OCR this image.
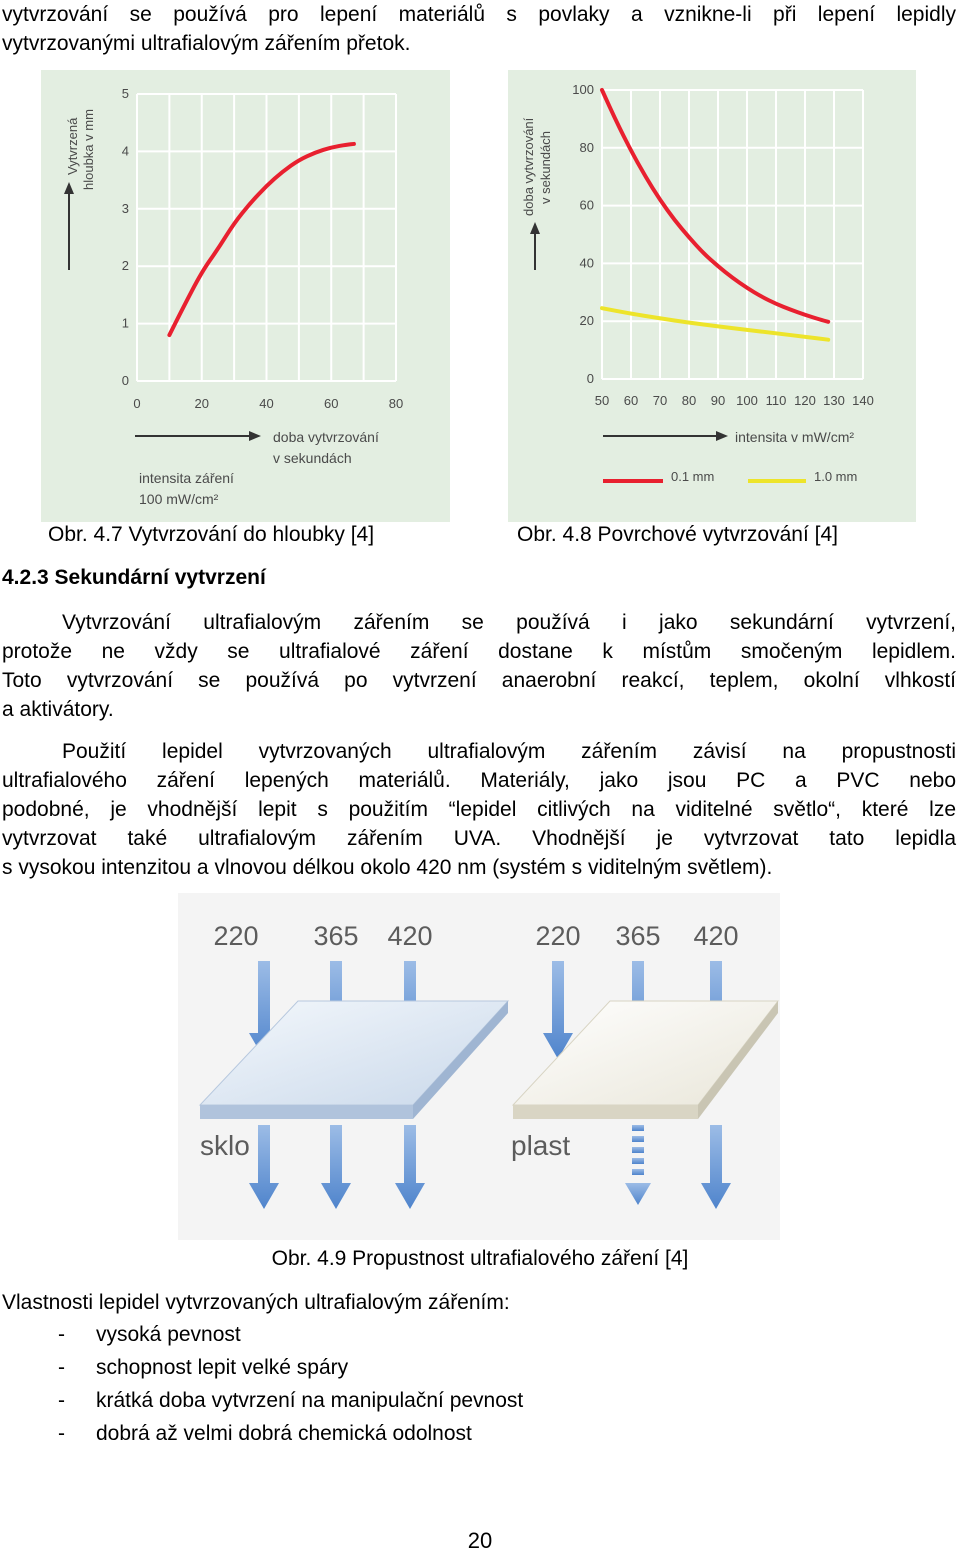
vytvrzování se používá pro lepení materiálů s povlaky a vznikne-li při lepení lepidly
vytvrzovanými ultrafialovým zářením přetok.
0	20	40	60	80
0
1
2
3
4
5
Vytvrzená hloubka v mm
doba vytvrzování
v sekundách
intensita záření
100 mW/cm²
50 60 70 80 90 100 110 120 130 140
0
20
40
60
80
100
doba vytvrzování v sekundách
intensita v mW/cm²
0.1 mm	1.0 mm
Obr. 4.7 Vytvrzování do hloubky [4]	Obr. 4.8 Povrchové vytvrzování [4]
4.2.3 Sekundární vytvrzení
Vytvrzování ultrafialovým zářením se používá i jako sekundární vytvrzení,
protože ne vždy se ultrafialové záření dostane k místům smočeným lepidlem.
Toto vytvrzování se používá po vytvrzení anaerobní reakcí, teplem, okolní vlhkostí
a aktivátory.
Použití lepidel vytvrzovaných ultrafialovým zářením závisí na propustnosti
ultrafialového záření lepených materiálů. Materiály, jako jsou PC a PVC nebo
podobné, je vhodnější lepit s použitím “lepidel citlivých na viditelné světlo“, které lze
vytvrzovat také ultrafialovým zářením UVA. Vhodnější je vytvrzovat tato lepidla
s vysokou intenzitou a vlnovou délkou okolo 420 nm (systém s viditelným světlem).
220 365 420	220 365 420
sklo	plast
Obr. 4.9 Propustnost ultrafialového záření [4]
Vlastnosti lepidel vytvrzovaných ultrafialovým zářením:
- vysoká pevnost
- schopnost lepit velké spáry
- krátká doba vytvrzení na manipulační pevnost
- dobrá až velmi dobrá chemická odolnost
20
